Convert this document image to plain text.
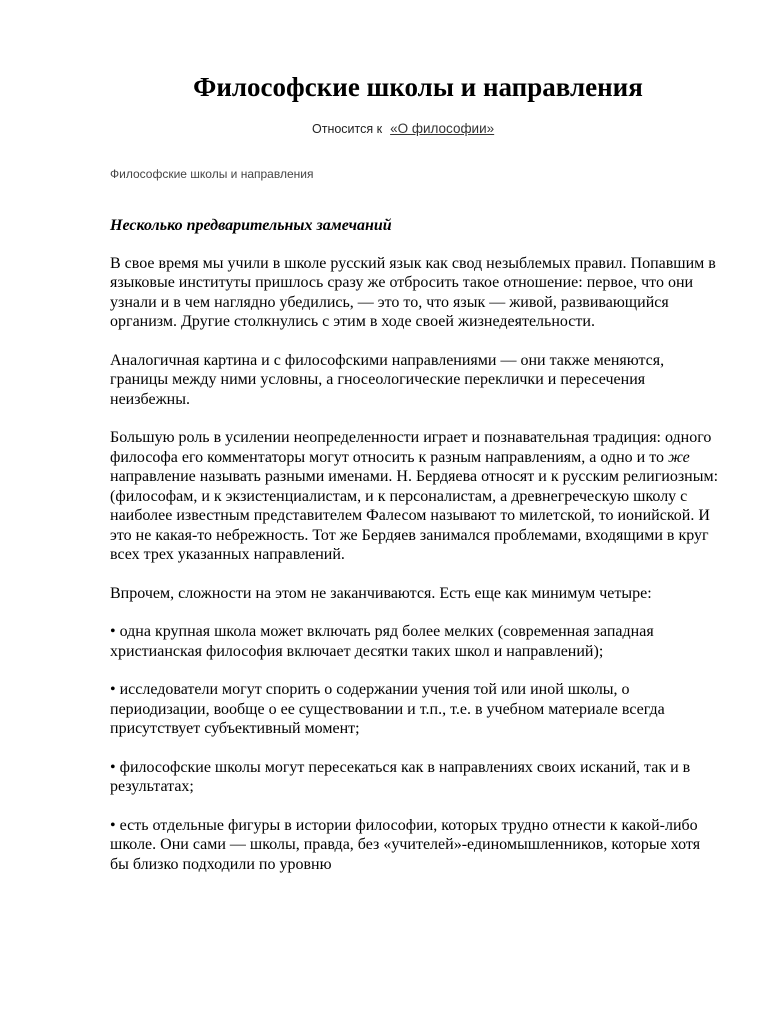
Философские школы и направления
Относится к «О философии»
Философские школы и направления
Несколько предварительных замечаний

В свое время мы учили в школе русский язык как свод незыблемых правил. Попавшим в языковые институты пришлось сразу же отбросить такое отношение: первое, что они узнали и в чем наглядно убедились, — это то, что язык — живой, развивающийся организм. Другие столкнулись с этим в ходе своей жизнедеятельности.

Аналогичная картина и с философскими направлениями — они также меняются, границы между ними условны, а гносеологические переклички и пересечения неизбежны.

Большую роль в усилении неопределенности играет и познавательная традиция: одного философа его комментаторы могут относить к разным направлениям, а одно и то же направление называть разными именами. Н. Бердяева относят и к русским религиозным: (философам, и к экзистенциалистам, и к персоналистам, а древнегреческую школу с наиболее известным представителем Фалесом называют то милетской, то ионийской. И это не какая-то небрежность. Тот же Бердяев занимался проблемами, входящими в круг всех трех указанных направлений.

Впрочем, сложности на этом не заканчиваются. Есть еще как минимум четыре:

• одна крупная школа может включать ряд более мелких (современная западная христианская философия включает десятки таких школ и направлений);

• исследователи могут спорить о содержании учения той или иной школы, о периодизации, вообще о ее существовании и т.п., т.е. в учебном материале всегда присутствует субъективный момент;

• философские школы могут пересекаться как в направлениях своих исканий, так и в результатах;

• есть отдельные фигуры в истории философии, которых трудно отнести к какой-либо школе. Они сами — школы, правда, без «учителей»-единомышленников, которые хотя бы близко подходили по уровню
